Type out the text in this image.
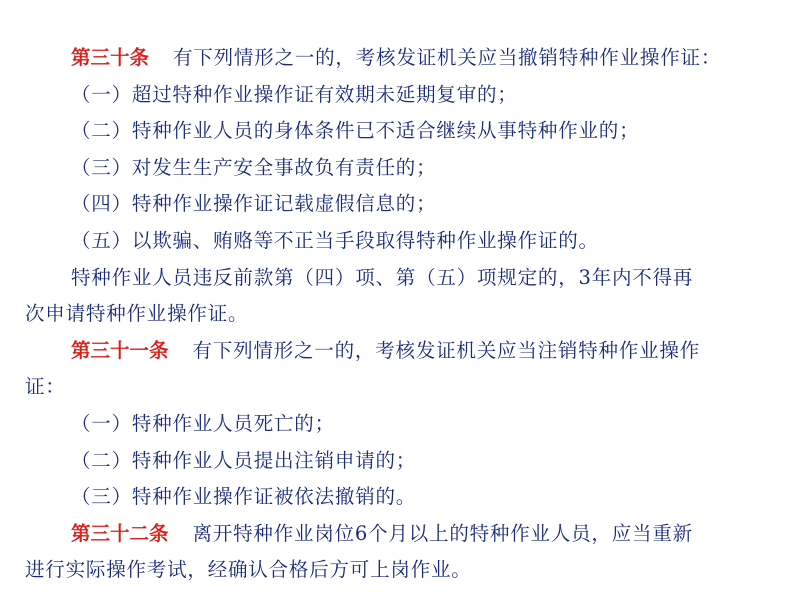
第三十条 有下列情形之一的，考核发证机关应当撤销特种作业操作证：
（一）超过特种作业操作证有效期未延期复审的；
（二）特种作业人员的身体条件已不适合继续从事特种作业的；
（三）对发生生产安全事故负有责任的；
（四）特种作业操作证记载虚假信息的；
（五）以欺骗、贿赂等不正当手段取得特种作业操作证的。
特种作业人员违反前款第（四）项、第（五）项规定的，3年内不得再
次申请特种作业操作证。
第三十一条 有下列情形之一的，考核发证机关应当注销特种作业操作
证：
（一）特种作业人员死亡的；
（二）特种作业人员提出注销申请的；
（三）特种作业操作证被依法撤销的。
第三十二条 离开特种作业岗位6个月以上的特种作业人员，应当重新
进行实际操作考试，经确认合格后方可上岗作业。
